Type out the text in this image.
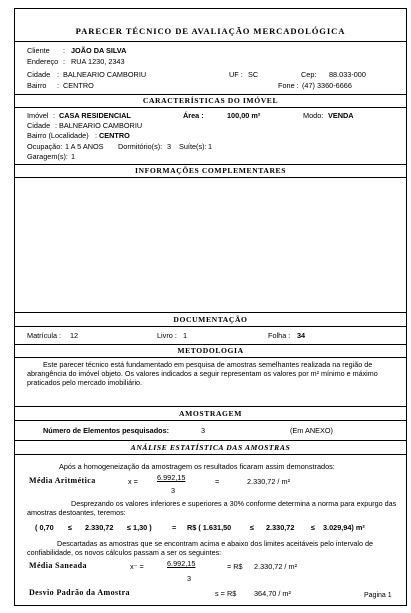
PARECER TÉCNICO DE AVALIAÇÃO MERCADOLÓGICA
Cliente : JOÃO DA SILVA
Endereço : RUA 1230, 2343
Cidade : BALNEARIO CAMBORIU	UF : SC	Cep: 88.033-000
Bairro : CENTRO	Fone : (47) 3360-6666
CARACTERÍSTICAS DO IMÓVEL
Imóvel : CASA RESIDENCIAL	Área :	100,00 m²	Modo: VENDA
Cidade : BALNEARIO CAMBORIU
Bairro (Localidade) : CENTRO
Ocupação: 1 A 5 ANOS Dormitório(s): 3 Suíte(s): 1
Garagem(s): 1
INFORMAÇÕES COMPLEMENTARES
DOCUMENTAÇÃO
Matrícula : 12	Livro : 1	Folha : 34
METODOLOGIA
Este parecer técnico está fundamentado em pesquisa de amostras semelhantes realizada na região de abrangência do imóvel objeto. Os valores indicados a seguir representam os valores por m² mínimo e máximo praticados pelo mercado imobiliário.
AMOSTRAGEM
Número de Elementos pesquisados:	3	(Em ANEXO)
ANÁLISE ESTATÍSTICA DAS AMOSTRAS
Após a homogeneização da amostragem os resultados ficaram assim demonstrados:
Média Aritmética	x =	6.992,15
3
=	2.330,72 / m²
Desprezando os valores inferiores e superiores a 30% conforme determina a norma para expurgo das amostras destoantes, teremos:
( 0,70 ≤ 2.330,72 ≤ 1,30 )	= R$ ( 1.631,50	≤ 2.330,72 ≤ 3.029,94) m²
Descartadas as amostras que se encontram acima e abaixo dos limites aceitáveis pelo intervalo de confiabilidade, os novos cálculos passam a ser os seguintes:
Média Saneada	x⁻ =	6.992,15
3
= R$ 2.330,72 / m²
Desvio Padrão da Amostra	s = R$ 364,70 / m²	Pagina 1
